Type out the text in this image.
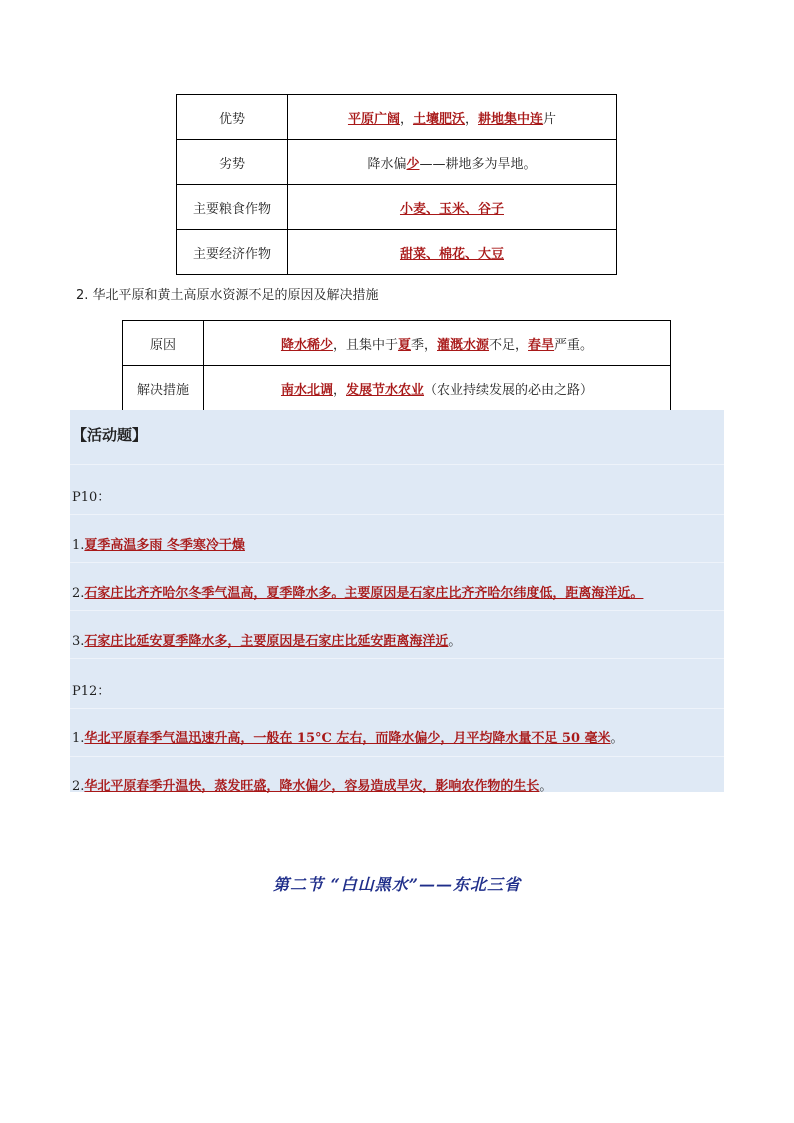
优势	平原广阔，土壤肥沃，耕地集中连片
劣势	降水偏少——耕地多为旱地。
主要粮食作物	小麦、玉米、谷子
主要经济作物	甜菜、棉花、大豆
2. 华北平原和黄土高原水资源不足的原因及解决措施
原因	降水稀少，且集中于夏季，灌溉水源不足，春旱严重。
解决措施	南水北调，发展节水农业（农业持续发展的必由之路）
【活动题】
P10：
1.夏季高温多雨 冬季寒冷干燥
2.石家庄比齐齐哈尔冬季气温高，夏季降水多。主要原因是石家庄比齐齐哈尔纬度低，距离海洋近。
3.石家庄比延安夏季降水多，主要原因是石家庄比延安距离海洋近。
P12：
1.华北平原春季气温迅速升高，一般在 15°C 左右，而降水偏少，月平均降水量不足 50 毫米。
2.华北平原春季升温快，蒸发旺盛，降水偏少，容易造成旱灾，影响农作物的生长。
第二节 “白山黑水”——东北三省
